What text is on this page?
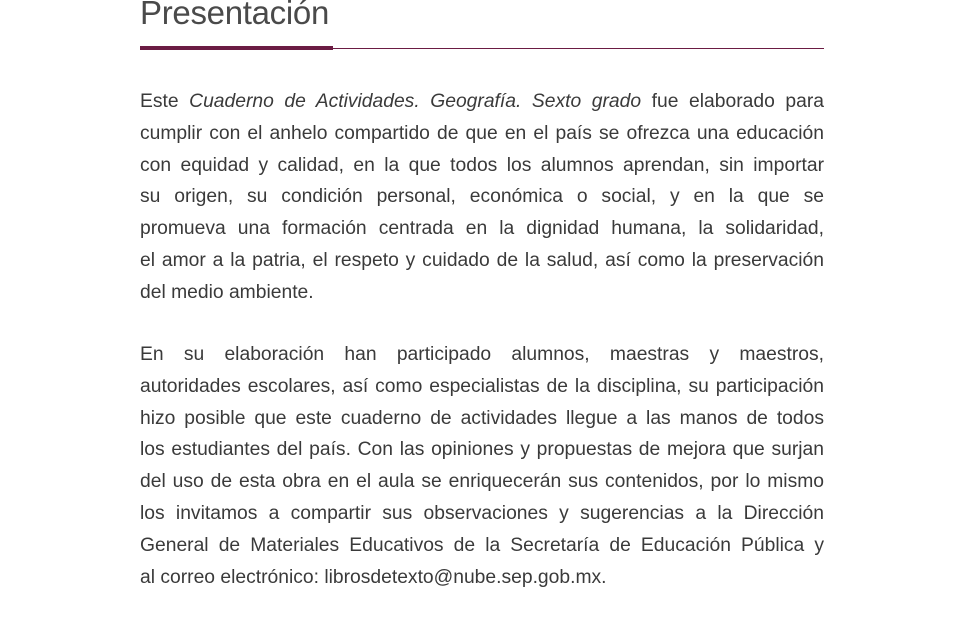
Presentación
Este Cuaderno de Actividades. Geografía. Sexto grado fue elaborado para
cumplir con el anhelo compartido de que en el país se ofrezca una educación
con equidad y calidad, en la que todos los alumnos aprendan, sin importar
su origen, su condición personal, económica o social, y en la que se
promueva una formación centrada en la dignidad humana, la solidaridad,
el amor a la patria, el respeto y cuidado de la salud, así como la preservación
del medio ambiente.
En su elaboración han participado alumnos, maestras y maestros,
autoridades escolares, así como especialistas de la disciplina, su participación
hizo posible que este cuaderno de actividades llegue a las manos de todos
los estudiantes del país. Con las opiniones y propuestas de mejora que surjan
del uso de esta obra en el aula se enriquecerán sus contenidos, por lo mismo
los invitamos a compartir sus observaciones y sugerencias a la Dirección
General de Materiales Educativos de la Secretaría de Educación Pública y
al correo electrónico: librosdetexto@nube.sep.gob.mx.
